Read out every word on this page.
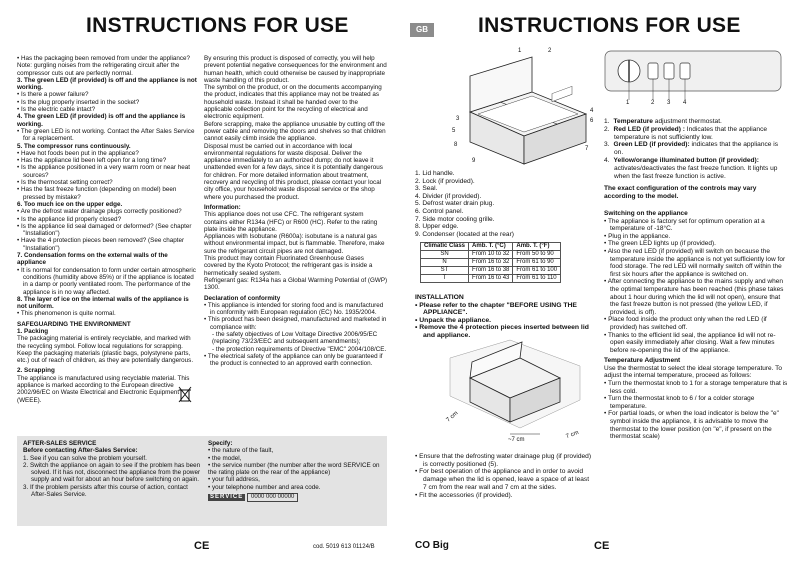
INSTRUCTIONS FOR USE	GB INSTRUCTIONS FOR USE

• Has the packaging been removed from under the appliance?

Note: gurgling noises from the refrigerating circuit after the compressor cuts out are perfectly normal.

3. The green LED (if provided) is off and the appliance is not working.

• Is there a power failure?

• Is the plug properly inserted in the socket?

• Is the electric cable intact?

4. The green LED (if provided) is off and the appliance is working.

• The green LED is not working. Contact the After Sales Service for a replacement.

5. The compressor runs continuously.

• Have hot foods been put in the appliance?

• Has the appliance lid been left open for a long time?

• Is the appliance positioned in a very warm room or near heat sources?

• Is the thermostat setting correct?

• Has the fast freeze function (depending on model) been pressed by mistake?

6. Too much ice on the upper edge.

• Are the defrost water drainage plugs correctly positioned?

• Is the appliance lid properly closed?

• Is the appliance lid seal damaged or deformed? (See chapter "Installation")

• Have the 4 protection pieces been removed? (See chapter "Installation")

7. Condensation forms on the external walls of the appliance

• It is normal for condensation to form under certain atmospheric conditions (humidity above 85%) or if the appliance is located in a damp or poorly ventilated room. The performance of the appliance is in no way affected.

8. The layer of ice on the internal walls of the appliance is not uniform.

• This phenomenon is quite normal.

SAFEGUARDING THE ENVIRONMENT

1. Packing

The packaging material is entirely recyclable, and marked with the recycling symbol. Follow local regulations for scrapping. Keep the packaging materials (plastic bags, polystyrene parts, etc.) out of reach of children, as they are potentially dangerous.

2. Scrapping

The appliance is manufactured using recyclable material. This appliance is marked according to the European directive 2002/96/EC on Waste Electrical and Electronic Equipment (WEEE).

By ensuring this product is disposed of correctly, you will help prevent potential negative consequences for the environment and human health, which could otherwise be caused by inappropriate waste handling of this product.

The symbol on the product, or on the documents accompanying the product, indicates that this appliance may not be treated as household waste. Instead it shall be handed over to the applicable collection point for the recycling of electrical and electronic equipment.

Before scrapping, make the appliance unusable by cutting off the power cable and removing the doors and shelves so that children cannot easily climb inside the appliance.

Disposal must be carried out in accordance with local environmental regulations for waste disposal. Deliver the appliance immediately to an authorized dump; do not leave it unattended even for a few days, since it is potentially dangerous for children. For more detailed information about treatment, recovery and recycling of this product, please contact your local city office, your household waste disposal service or the shop where you purchased the product.

Information:

This appliance does not use CFC. The refrigerant system contains either R134a (HFC) or R600 (HC). Refer to the rating plate inside the appliance.

Appliances with Isobutane (R600a): isobutane is a natural gas without environmental impact, but is flammable. Therefore, make sure the refrigerant circuit pipes are not damaged.

This product may contain Fluorinated Greenhouse Gases covered by the Kyoto Protocol; the refrigerant gas is inside a hermetically sealed system.

Refrigerant gas: R134a has a Global Warming Potential of (GWP) 1300.

Declaration of conformity

• This appliance is intended for storing food and is manufactured in conformity with European regulation (EC) No. 1935/2004.

• This product has been designed, manufactured and marketed in compliance with:

- the safety objectives of Low Voltage Directive 2006/95/EC (replacing 73/23/EEC and subsequent amendments);

- the protection requirements of Directive "EMC" 2004/108/CE.

• The electrical safety of the appliance can only be guaranteed if the product is connected to an approved earth connection.

AFTER-SALES SERVICE

Before contacting After-Sales Service:

1. See if you can solve the problem yourself.

2. Switch the appliance on again to see if the problem has been solved. If it has not, disconnect the appliance from the power supply and wait for about an hour before switching on again.

3. If the problem persists after this course of action, contact After-Sales Service.

Specify:

• the nature of the fault,

• the model,

• the service number (the number after the word SERVICE on the rating plate on the rear of the appliance)

• your full address,

• your telephone number and area code.

SERVICE 0000 000 00000

CE	cod. 5019 613 01124/B	CO Big	CE
1	2
3
4
5
6
7
8
9

1. Lid handle.

2. Lock (if provided).

3. Seal.

4. Divider (if provided).

5. Defrost water drain plug.

6. Control panel.

7. Side motor cooling grille.

8. Upper edge.

9. Condenser (located at the rear)

Climatic Class	Amb. T. (°C)	Amb. T. (°F)
SN	From 10 to 32	From 50 to 90
N	From 16 to 32	From 61 to 90
ST	From 16 to 38	From 61 to 100
T	From 16 to 43	From 61 to 110

INSTALLATION

• Please refer to the chapter "BEFORE USING THE APPLIANCE".

• Unpack the appliance.

• Remove the 4 protection pieces inserted between lid and appliance.

7 cm
~7 cm	7 cm

• Ensure that the defrosting water drainage plug (if provided) is correctly positioned (5).

• For best operation of the appliance and in order to avoid damage when the lid is opened, leave a space of at least 7 cm from the rear wall and 7 cm at the sides.

• Fit the accessories (if provided).

1	2 3 4

1. Temperature adjustment thermostat.

2. Red LED (if provided) : Indicates that the appliance temperature is not sufficiently low.

3. Green LED (if provided): indicates that the appliance is on.

4. Yellow/orange illuminated button (if provided): activates/deactivates the fast freeze function. It lights up when the fast freeze function is active.

The exact configuration of the controls may vary according to the model.

Switching on the appliance

• The appliance is factory set for optimum operation at a temperature of -18°C.

• Plug in the appliance.

• The green LED lights up (if provided).

• Also the red LED (if provided) will switch on because the temperature inside the appliance is not yet sufficiently low for food storage. The red LED will normally switch off within the first six hours after the appliance is switched on.

• After connecting the appliance to the mains supply and when the optimal temperature has been reached (this phase takes about 1 hour during which the lid will not open), ensure that the fast freeze button is not pressed (the yellow LED, if provided, is off).

• Place food inside the product only when the red LED (if provided) has switched off.

• Thanks to the efficient lid seal, the appliance lid will not re-open easily immediately after closing. Wait a few minutes before re-opening the lid of the appliance.

Temperature Adjustment

Use the thermostat to select the ideal storage temperature. To adjust the internal temperature, proceed as follows:

• Turn the thermostat knob to 1 for a storage temperature that is less cold.

• Turn the thermostat knob to 6 / for a colder storage temperature.

• For partial loads, or when the load indicator is below the "e" symbol inside the appliance, it is advisable to move the thermostat to the lower position (on "e", if present on the thermostat scale)
